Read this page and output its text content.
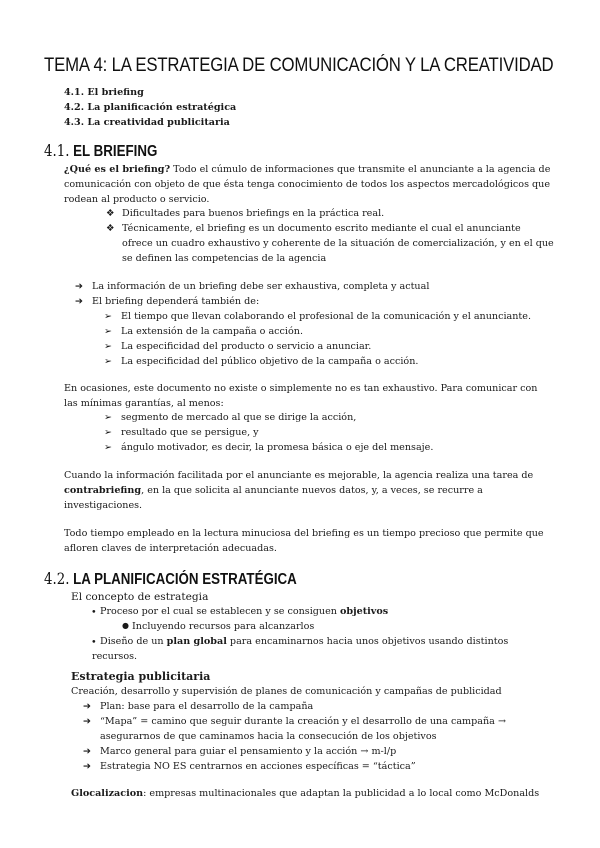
TEMA 4: LA ESTRATEGIA DE COMUNICACIÓN Y LA CREATIVIDAD
4.1. El briefing
4.2. La planificación estratégica
4.3. La creatividad publicitaria
4.1. EL BRIEFING
¿Qué es el briefing? Todo el cúmulo de informaciones que transmite el anunciante a la agencia de
comunicación con objeto de que ésta tenga conocimiento de todos los aspectos mercadológicos que
rodean al producto o servicio.
❖ Dificultades para buenos briefings en la práctica real.
❖ Técnicamente, el briefing es un documento escrito mediante el cual el anunciante
ofrece un cuadro exhaustivo y coherente de la situación de comercialización, y en el que
se definen las competencias de la agencia
➔ La información de un briefing debe ser exhaustiva, completa y actual
➔ El briefing dependerá también de:
➢ El tiempo que llevan colaborando el profesional de la comunicación y el anunciante.
➢ La extensión de la campaña o acción.
➢ La especificidad del producto o servicio a anunciar.
➢ La especificidad del público objetivo de la campaña o acción.
En ocasiones, este documento no existe o simplemente no es tan exhaustivo. Para comunicar con
las mínimas garantías, al menos:
➢ segmento de mercado al que se dirige la acción,
➢ resultado que se persigue, y
➢ ángulo motivador, es decir, la promesa básica o eje del mensaje.
Cuando la información facilitada por el anunciante es mejorable, la agencia realiza una tarea de
contrabriefing, en la que solicita al anunciante nuevos datos, y, a veces, se recurre a
investigaciones.
Todo tiempo empleado en la lectura minuciosa del briefing es un tiempo precioso que permite que
afloren claves de interpretación adecuadas.
4.2. LA PLANIFICACIÓN ESTRATÉGICA
El concepto de estrategia
• Proceso por el cual se establecen y se consiguen objetivos
● Incluyendo recursos para alcanzarlos
• Diseño de un plan global para encaminarnos hacia unos objetivos usando distintos
recursos.
Estrategia publicitaria
Creación, desarrollo y supervisión de planes de comunicación y campañas de publicidad
➔ Plan: base para el desarrollo de la campaña
➔ “Mapa” = camino que seguir durante la creación y el desarrollo de una campaña →
asegurarnos de que caminamos hacia la consecución de los objetivos
➔ Marco general para guiar el pensamiento y la acción → m-l/p
➔ Estrategia NO ES centrarnos en acciones específicas = “táctica”
Glocalizacion: empresas multinacionales que adaptan la publicidad a lo local como McDonalds
